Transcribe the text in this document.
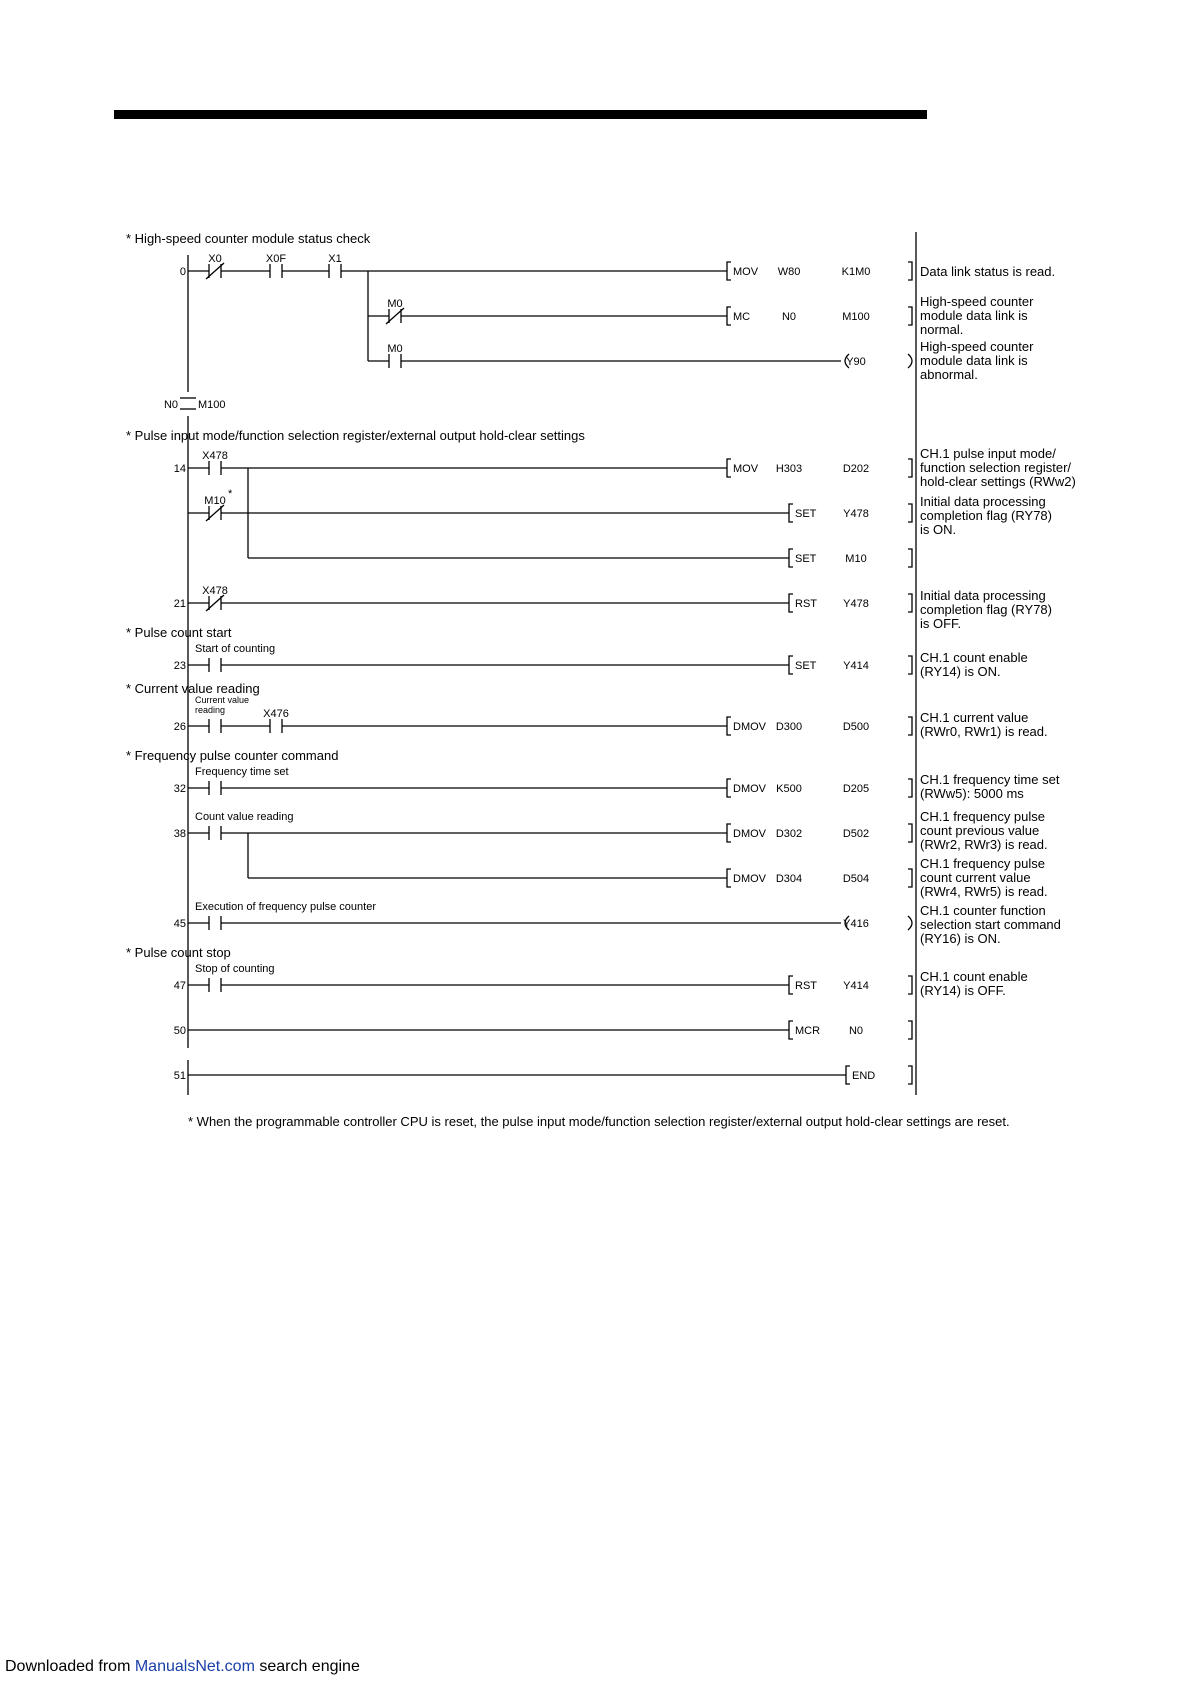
* High-speed counter module status check
* Pulse input mode/function selection register/external output hold-clear settings
* Pulse count start
* Current value reading
* Frequency pulse counter command
* Pulse count stop
0
14
21
23
26
32
38
45
47
50
51
X0	X0F	X1
M0
M0
X478
M10
*
X478
X476
Start of counting
Current value
reading
Frequency time set
Count value reading
Execution of frequency pulse counter
Stop of counting
N0 M100
MOV W80	K1M0
MC	N0	M100
Y90
MOV H303	D202
SET Y478
SET	M10
RST Y478
SET Y414
DMOV D300	D500
DMOV K500	D205
DMOV D302	D502
DMOV D304	D504
Y416
RST Y414
MCR	N0
END
Data link status is read.
High-speed counter
module data link is
normal.
High-speed counter
module data link is
abnormal.
CH.1 pulse input mode/
function selection register/
hold-clear settings (RWw2)
Initial data processing
completion flag (RY78)
is ON.
Initial data processing
completion flag (RY78)
is OFF.
CH.1 count enable
(RY14) is ON.
CH.1 current value
(RWr0, RWr1) is read.
CH.1 frequency time set
(RWw5): 5000 ms
CH.1 frequency pulse
count previous value
(RWr2, RWr3) is read.
CH.1 frequency pulse
count current value
(RWr4, RWr5) is read.
CH.1 counter function
selection start command
(RY16) is ON.
CH.1 count enable
(RY14) is OFF.
* When the programmable controller CPU is reset, the pulse input mode/function selection register/external output hold-clear settings are reset.
Downloaded from ManualsNet.com search engine
